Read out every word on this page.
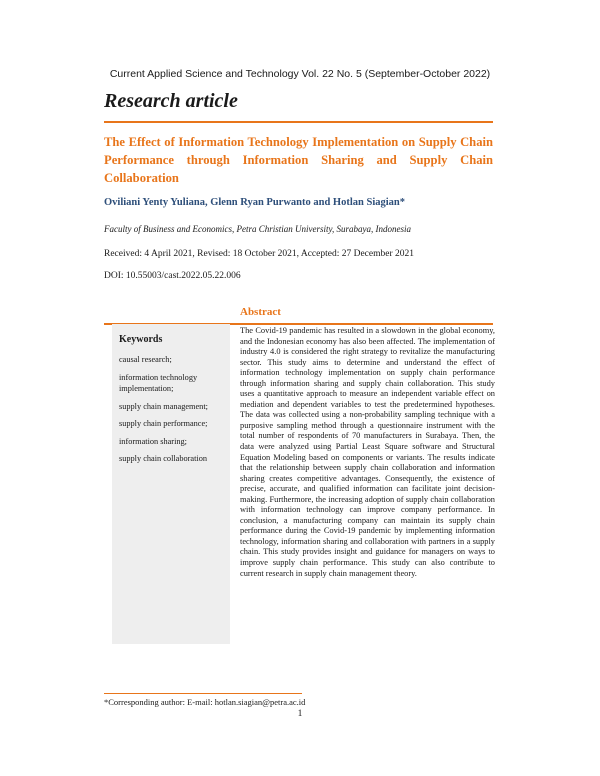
Current Applied Science and Technology Vol. 22 No. 5 (September-October 2022)
Research article
The Effect of Information Technology Implementation on Supply Chain Performance through Information Sharing and Supply Chain Collaboration
Oviliani Yenty Yuliana, Glenn Ryan Purwanto and Hotlan Siagian*
Faculty of Business and Economics, Petra Christian University, Surabaya, Indonesia
Received: 4 April 2021, Revised: 18 October 2021, Accepted: 27 December 2021
DOI: 10.55003/cast.2022.05.22.006
Abstract
Keywords
causal research;
information technology implementation;
supply chain management;
supply chain performance;
information sharing;
supply chain collaboration

The Covid-19 pandemic has resulted in a slowdown in the global economy, and the Indonesian economy has also been affected. The implementation of industry 4.0 is considered the right strategy to revitalize the manufacturing sector. This study aims to determine and understand the effect of information technology implementation on supply chain performance through information sharing and supply chain collaboration. This study uses a quantitative approach to measure an independent variable effect on mediation and dependent variables to test the predetermined hypotheses. The data was collected using a non-probability sampling technique with a purposive sampling method through a questionnaire instrument with the total number of respondents of 70 manufacturers in Surabaya. Then, the data were analyzed using Partial Least Square software and Structural Equation Modeling based on components or variants. The results indicate that the relationship between supply chain collaboration and information sharing creates competitive advantages. Consequently, the existence of precise, accurate, and qualified information can facilitate joint decision-making. Furthermore, the increasing adoption of supply chain collaboration with information technology can improve company performance. In conclusion, a manufacturing company can maintain its supply chain performance during the Covid-19 pandemic by implementing information technology, information sharing and collaboration with partners in a supply chain. This study provides insight and guidance for managers on ways to improve supply chain performance. This study can also contribute to current research in supply chain management theory.

*Corresponding author: E-mail: hotlan.siagian@petra.ac.id
1
